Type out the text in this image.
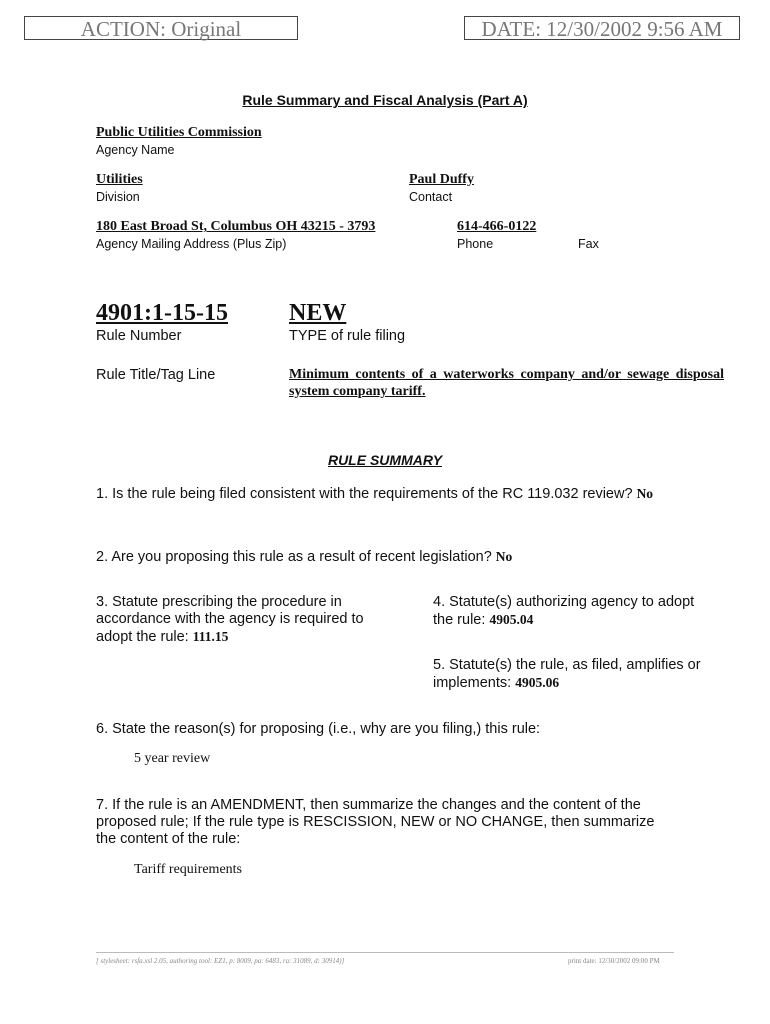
ACTION: Original	DATE: 12/30/2002 9:56 AM
Rule Summary and Fiscal Analysis (Part A)
Public Utilities Commission
Agency Name
Utilities
Division
Paul Duffy
Contact
180 East Broad St, Columbus OH 43215 - 3793
Agency Mailing Address (Plus Zip)
614-466-0122
Phone	Fax
4901:1-15-15
Rule Number
NEW
TYPE of rule filing
Rule Title/Tag Line	Minimum contents of a waterworks company and/or sewage disposal system company tariff.
RULE SUMMARY
1. Is the rule being filed consistent with the requirements of the RC 119.032 review? No
2. Are you proposing this rule as a result of recent legislation? No
3. Statute prescribing the procedure in accordance with the agency is required to adopt the rule: 111.15
4. Statute(s) authorizing agency to adopt the rule: 4905.04
5. Statute(s) the rule, as filed, amplifies or implements: 4905.06
6. State the reason(s) for proposing (i.e., why are you filing,) this rule:
5 year review
7. If the rule is an AMENDMENT, then summarize the changes and the content of the proposed rule; If the rule type is RESCISSION, NEW or NO CHANGE, then summarize the content of the rule:
Tariff requirements
[ stylesheet: rsfa.xsl 2.05, authoring tool: EZ1, p: 8009, pa: 6483, ra: 31089, d: 30914)]	print date: 12/30/2002 09:00 PM
